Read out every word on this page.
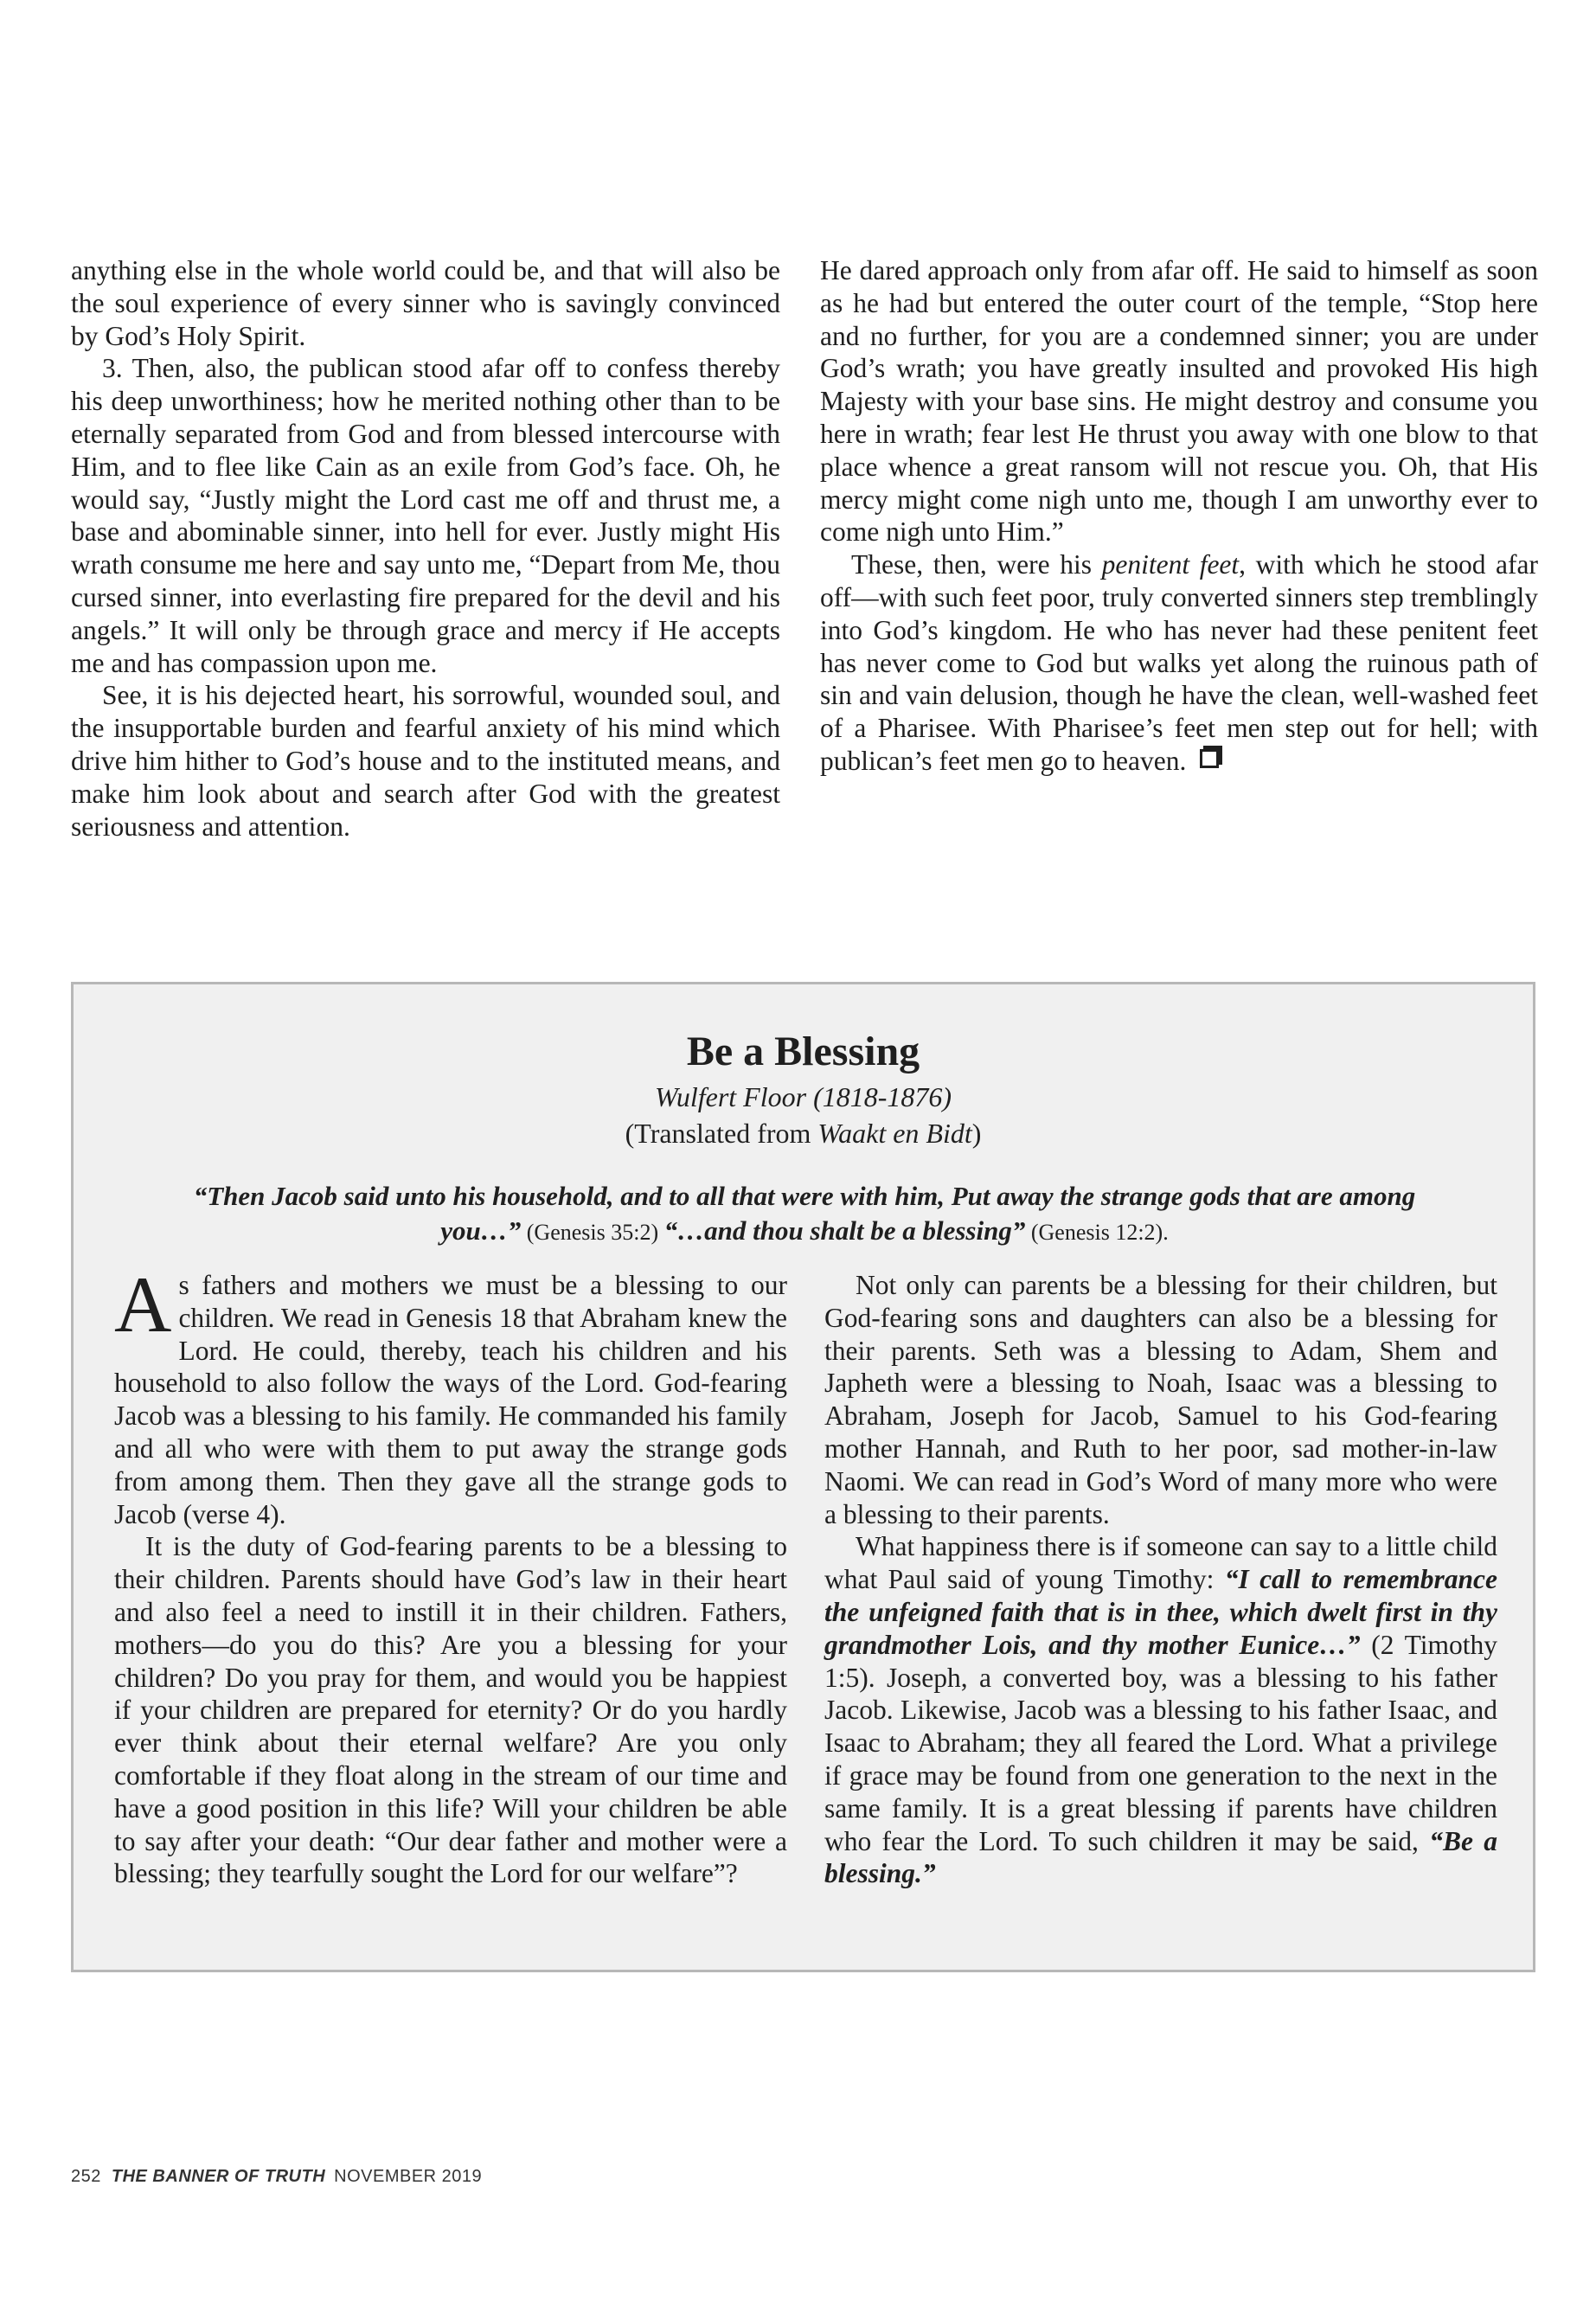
anything else in the whole world could be, and that will also be the soul experience of every sinner who is savingly convinced by God’s Holy Spirit.

3. Then, also, the publican stood afar off to confess thereby his deep unworthiness; how he merited nothing other than to be eternally separated from God and from blessed intercourse with Him, and to flee like Cain as an exile from God’s face. Oh, he would say, “Justly might the Lord cast me off and thrust me, a base and abominable sinner, into hell for ever. Justly might His wrath consume me here and say unto me, “Depart from Me, thou cursed sinner, into everlasting fire prepared for the devil and his angels.” It will only be through grace and mercy if He accepts me and has compassion upon me.

See, it is his dejected heart, his sorrowful, wounded soul, and the insupportable burden and fearful anxiety of his mind which drive him hither to God’s house and to the instituted means, and make him look about and search after God with the greatest seriousness and attention.

He dared approach only from afar off. He said to himself as soon as he had but entered the outer court of the temple, “Stop here and no further, for you are a condemned sinner; you are under God’s wrath; you have greatly insulted and provoked His high Majesty with your base sins. He might destroy and consume you here in wrath; fear lest He thrust you away with one blow to that place whence a great ransom will not rescue you. Oh, that His mercy might come nigh unto me, though I am unworthy ever to come nigh unto Him.”

These, then, were his penitent feet, with which he stood afar off—with such feet poor, truly converted sinners step tremblingly into God’s kingdom. He who has never had these penitent feet has never come to God but walks yet along the ruinous path of sin and vain delusion, though he have the clean, well-washed feet of a Pharisee. With Pharisee’s feet men step out for hell; with publican’s feet men go to heaven.

Be a Blessing
Wulfert Floor (1818-1876)
(Translated from Waakt en Bidt)
“Then Jacob said unto his household, and to all that were with him, Put away the strange gods that are among you…” (Genesis 35:2) “…and thou shalt be a blessing” (Genesis 12:2).

As fathers and mothers we must be a blessing to our children. We read in Genesis 18 that Abraham knew the Lord. He could, thereby, teach his children and his household to also follow the ways of the Lord. God-fearing Jacob was a blessing to his family. He commanded his family and all who were with them to put away the strange gods from among them. Then they gave all the strange gods to Jacob (verse 4).

It is the duty of God-fearing parents to be a blessing to their children. Parents should have God’s law in their heart and also feel a need to instill it in their children. Fathers, mothers—do you do this? Are you a blessing for your children? Do you pray for them, and would you be happiest if your children are prepared for eternity? Or do you hardly ever think about their eternal welfare? Are you only comfortable if they float along in the stream of our time and have a good position in this life? Will your children be able to say after your death: “Our dear father and mother were a blessing; they tearfully sought the Lord for our welfare”?

Not only can parents be a blessing for their children, but God-fearing sons and daughters can also be a blessing for their parents. Seth was a blessing to Adam, Shem and Japheth were a blessing to Noah, Isaac was a blessing to Abraham, Joseph for Jacob, Samuel to his God-fearing mother Hannah, and Ruth to her poor, sad mother-in-law Naomi. We can read in God’s Word of many more who were a blessing to their parents.

What happiness there is if someone can say to a little child what Paul said of young Timothy: “I call to remembrance the unfeigned faith that is in thee, which dwelt first in thy grandmother Lois, and thy mother Eunice…” (2 Timothy 1:5). Joseph, a converted boy, was a blessing to his father Jacob. Likewise, Jacob was a blessing to his father Isaac, and Isaac to Abraham; they all feared the Lord. What a privilege if grace may be found from one generation to the next in the same family. It is a great blessing if parents have children who fear the Lord. To such children it may be said, “Be a blessing.”

252 THE BANNER OF TRUTH NOVEMBER 2019
